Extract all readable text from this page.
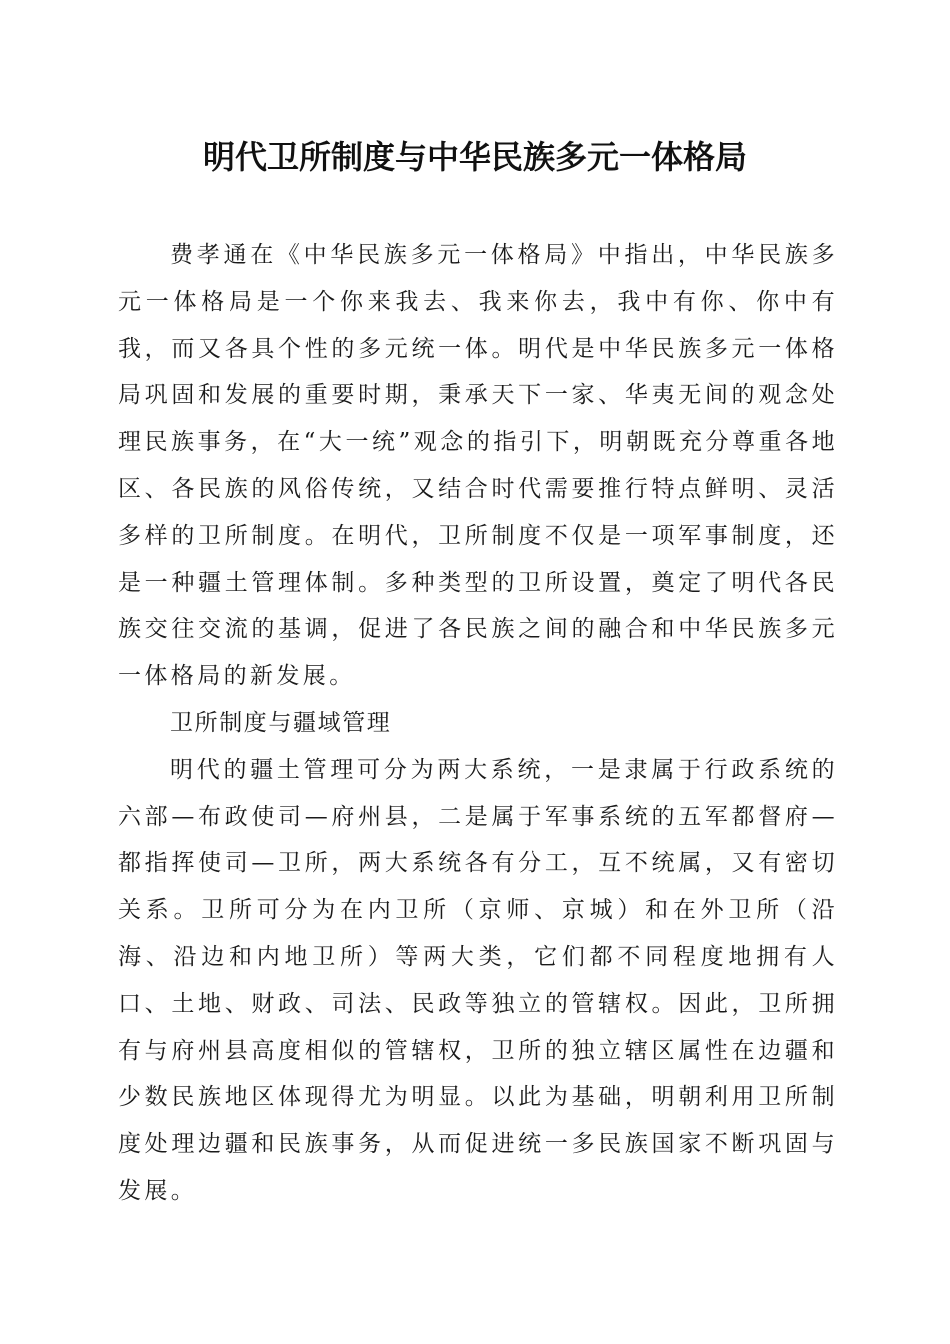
明代卫所制度与中华民族多元一体格局

费孝通在《中华民族多元一体格局》中指出，中华民族多元一体格局是一个你来我去、我来你去，我中有你、你中有我，而又各具个性的多元统一体。明代是中华民族多元一体格局巩固和发展的重要时期，秉承天下一家、华夷无间的观念处理民族事务，在“大一统”观念的指引下，明朝既充分尊重各地区、各民族的风俗传统，又结合时代需要推行特点鲜明、灵活多样的卫所制度。在明代，卫所制度不仅是一项军事制度，还是一种疆土管理体制。多种类型的卫所设置，奠定了明代各民族交往交流的基调，促进了各民族之间的融合和中华民族多元一体格局的新发展。

卫所制度与疆域管理

明代的疆土管理可分为两大系统，一是隶属于行政系统的六部—布政使司—府州县，二是属于军事系统的五军都督府—都指挥使司—卫所，两大系统各有分工，互不统属，又有密切关系。卫所可分为在内卫所（京师、京城）和在外卫所（沿海、沿边和内地卫所）等两大类，它们都不同程度地拥有人口、土地、财政、司法、民政等独立的管辖权。因此，卫所拥有与府州县高度相似的管辖权，卫所的独立辖区属性在边疆和少数民族地区体现得尤为明显。以此为基础，明朝利用卫所制度处理边疆和民族事务，从而促进统一多民族国家不断巩固与发展。
